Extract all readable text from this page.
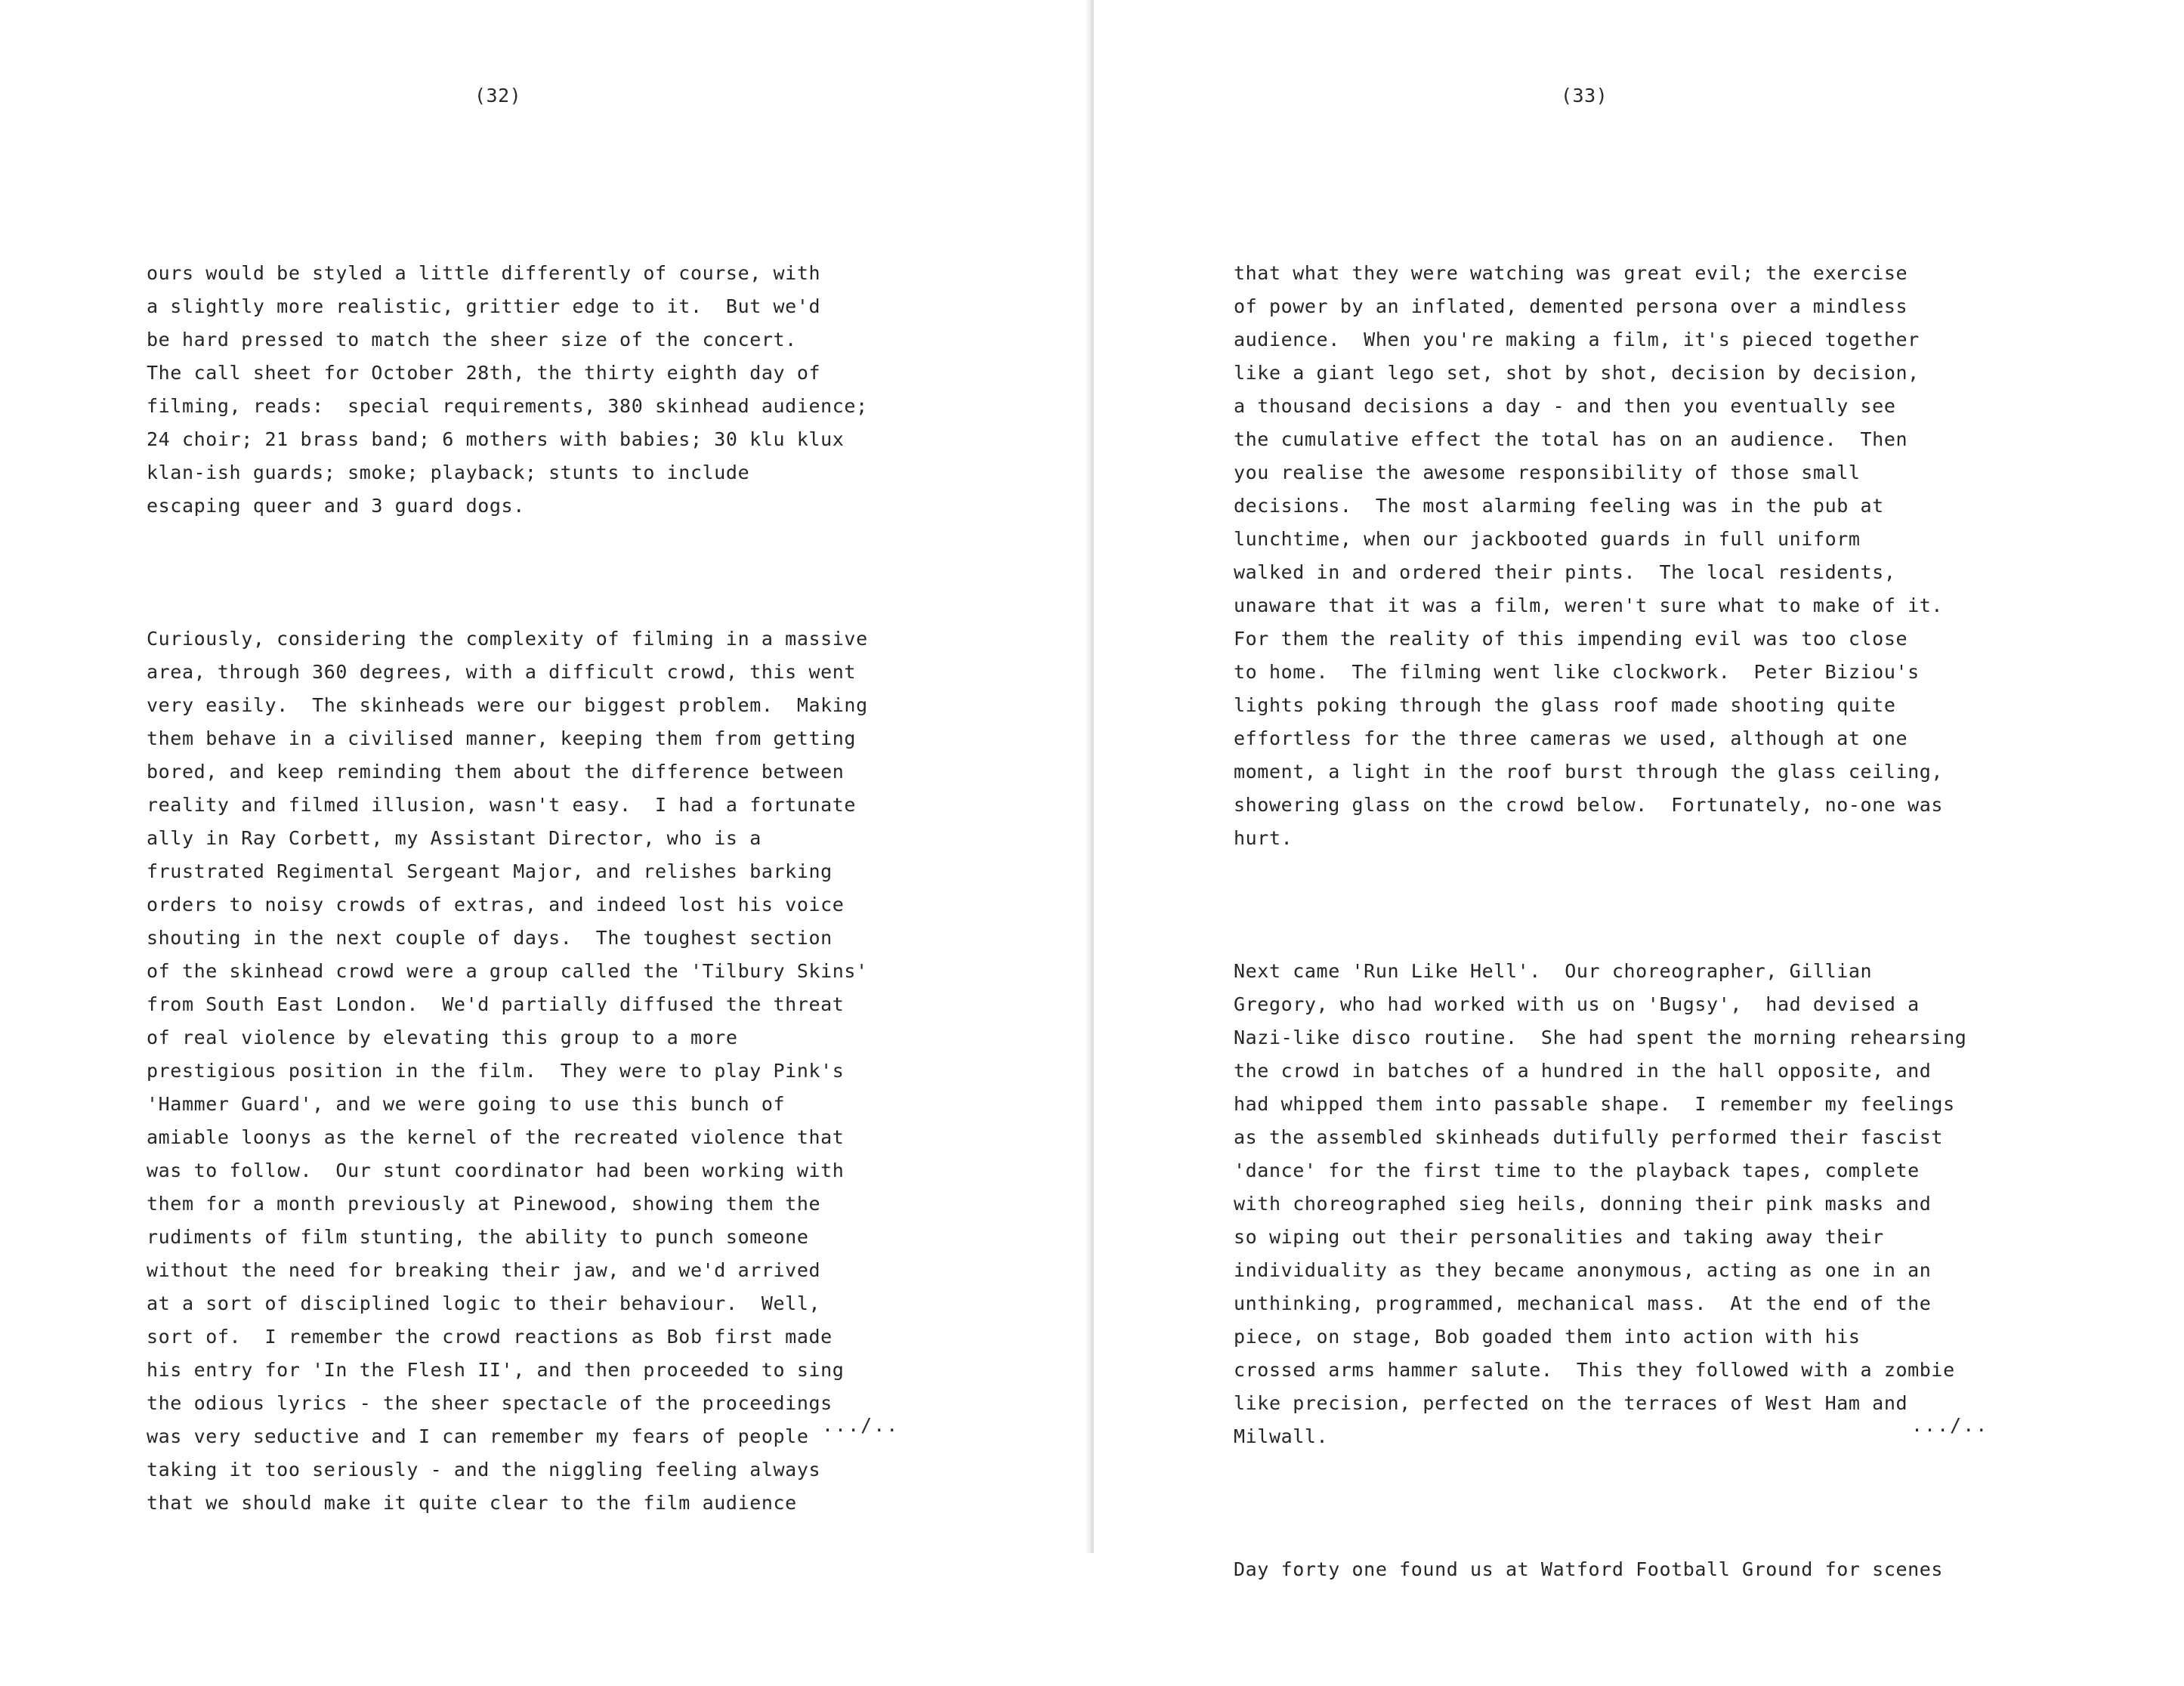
(32)

ours would be styled a little differently of course, with
a slightly more realistic, grittier edge to it.  But we'd
be hard pressed to match the sheer size of the concert.
The call sheet for October 28th, the thirty eighth day of
filming, reads:  special requirements, 380 skinhead audience;
24 choir; 21 brass band; 6 mothers with babies; 30 klu klux
klan-ish guards; smoke; playback; stunts to include
escaping queer and 3 guard dogs.

Curiously, considering the complexity of filming in a massive
area, through 360 degrees, with a difficult crowd, this went
very easily.  The skinheads were our biggest problem.  Making
them behave in a civilised manner, keeping them from getting
bored, and keep reminding them about the difference between
reality and filmed illusion, wasn't easy.  I had a fortunate
ally in Ray Corbett, my Assistant Director, who is a
frustrated Regimental Sergeant Major, and relishes barking
orders to noisy crowds of extras, and indeed lost his voice
shouting in the next couple of days.  The toughest section
of the skinhead crowd were a group called the 'Tilbury Skins'
from South East London.  We'd partially diffused the threat
of real violence by elevating this group to a more
prestigious position in the film.  They were to play Pink's
'Hammer Guard', and we were going to use this bunch of
amiable loonys as the kernel of the recreated violence that
was to follow.  Our stunt coordinator had been working with
them for a month previously at Pinewood, showing them the
rudiments of film stunting, the ability to punch someone
without the need for breaking their jaw, and we'd arrived
at a sort of disciplined logic to their behaviour.  Well,
sort of.  I remember the crowd reactions as Bob first made
his entry for 'In the Flesh II', and then proceeded to sing
the odious lyrics - the sheer spectacle of the proceedings
was very seductive and I can remember my fears of people
taking it too seriously - and the niggling feeling always
that we should make it quite clear to the film audience

.../..
(33)

that what they were watching was great evil; the exercise
of power by an inflated, demented persona over a mindless
audience.  When you're making a film, it's pieced together
like a giant lego set, shot by shot, decision by decision,
a thousand decisions a day - and then you eventually see
the cumulative effect the total has on an audience.  Then
you realise the awesome responsibility of those small
decisions.  The most alarming feeling was in the pub at
lunchtime, when our jackbooted guards in full uniform
walked in and ordered their pints.  The local residents,
unaware that it was a film, weren't sure what to make of it.
For them the reality of this impending evil was too close
to home.  The filming went like clockwork.  Peter Biziou's
lights poking through the glass roof made shooting quite
effortless for the three cameras we used, although at one
moment, a light in the roof burst through the glass ceiling,
showering glass on the crowd below.  Fortunately, no-one was
hurt.

Next came 'Run Like Hell'.  Our choreographer, Gillian
Gregory, who had worked with us on 'Bugsy',  had devised a
Nazi-like disco routine.  She had spent the morning rehearsing
the crowd in batches of a hundred in the hall opposite, and
had whipped them into passable shape.  I remember my feelings
as the assembled skinheads dutifully performed their fascist
'dance' for the first time to the playback tapes, complete
with choreographed sieg heils, donning their pink masks and
so wiping out their personalities and taking away their
individuality as they became anonymous, acting as one in an
unthinking, programmed, mechanical mass.  At the end of the
piece, on stage, Bob goaded them into action with his
crossed arms hammer salute.  This they followed with a zombie
like precision, perfected on the terraces of West Ham and
Milwall.

Day forty one found us at Watford Football Ground for scenes

.../..
